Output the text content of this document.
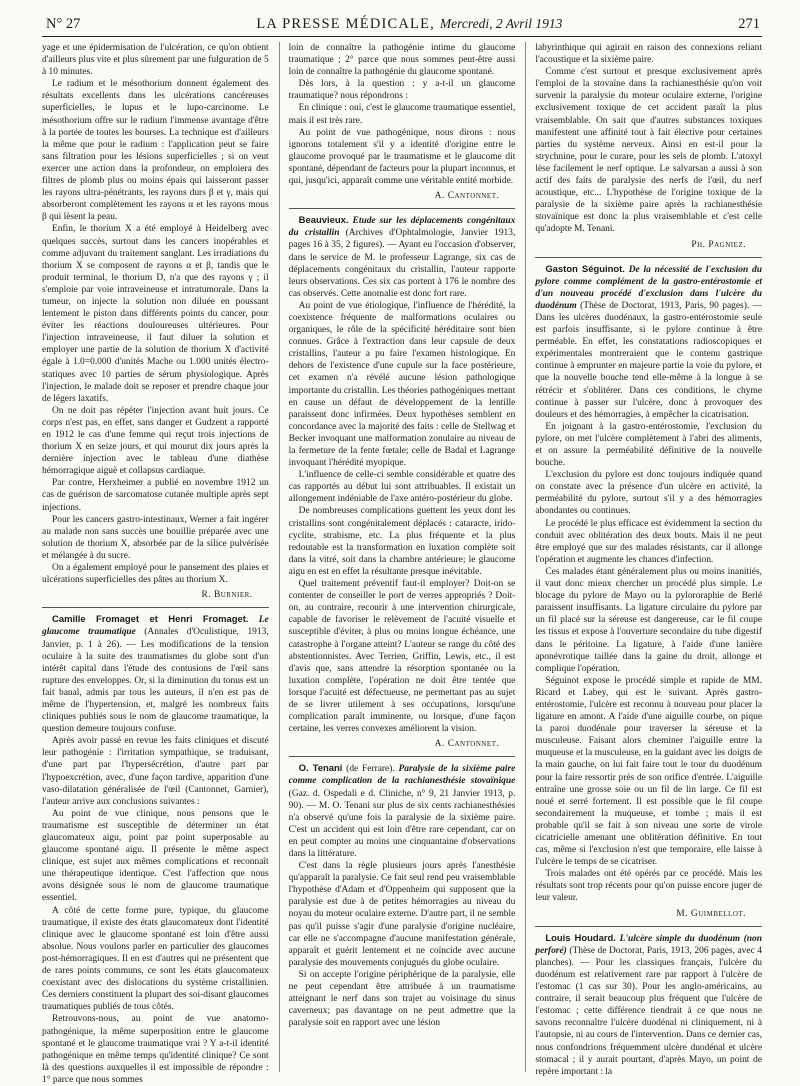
N° 27	LA PRESSE MÉDICALE, Mercredi, 2 Avril 1913	271

yage et une épidermisation de l'ulcération, ce qu'on obtient d'ailleurs plus vite et plus sûrement par une fulguration de 5 à 10 minutes.

Le radium et le mésothorium donnent également des résultats excellents dans les ulcérations cancéreuses superficielles, le lupus et le lupo-carcinome. Le mésothorium offre sur le radium l'immense avantage d'être à la portée de toutes les bourses. La technique est d'ailleurs la même que pour le radium : l'application peut se faire sans filtration pour les lésions superficielles ; si on veut exercer une action dans la profondeur, on emploiera des filtres de plomb plus ou moins épais qui laisseront passer les rayons ultra-pénétrants, les rayons durs β et γ, mais qui absorberont complètement les rayons α et les rayons mous β qui lèsent la peau.

Enfin, le thorium X a été employé à Heidelberg avec quelques succès, surtout dans les cancers inopérables et comme adjuvant du traitement sanglant. Les irradiations du thorium X se composent de rayons α et β, tandis que le produit terminal, le thorium D, n'a que des rayons γ ; il s'emploie par voie intraveineuse et intratumorale. Dans la tumeur, on injecte la solution non diluée en poussant lentement le piston dans différents points du cancer, pour éviter les réactions douloureuses ultérieures. Pour l'injection intraveineuse, il faut diluer la solution et employer une partie de la solution de thorium X d'activité égale à 1.0=0.000 d'unités Mache ou 1.000 unités électro-statiques avec 10 parties de sérum physiologique. Après l'injection, le malade doit se reposer et prendre chaque jour de légers laxatifs.

On ne doit pas répéter l'injection avant huit jours. Ce corps n'est pas, en effet, sans danger et Gudzent a rapporté en 1912 le cas d'une femme qui reçut trois injections de thorium X en seize jours, et qui mourut dix jours après la dernière injection avec le tableau d'une diathèse hémorragique aiguë et collapsus cardiaque.

Par contre, Herxheimer a publié en novembre 1912 un cas de guérison de sarcomatose cutanée multiple après sept injections.

Pour les cancers gastro-intestinaux, Werner a fait ingérer au malade non sans succès une bouillie préparée avec une solution de thorium X, absorbée par de la silice pulvérisée et mélangée à du sucre.

On a également employé pour le pansement des plaies et ulcérations superficielles des pâtes au thorium X.

R. Burnier.

Camille Fromaget et Henri Fromaget. Le glaucome traumatique (Annales d'Oculistique, 1913, Janvier, p. 1 à 26). — Les modifications de la tension oculaire à la suite des traumatismes du globe sont d'un intérêt capital dans l'étude des contusions de l'œil sans rupture des enveloppes. Or, si la diminution du tonus est un fait banal, admis par tous les auteurs, il n'en est pas de même de l'hypertension, et, malgré les nombreux faits cliniques publiés sous le nom de glaucome traumatique, la question demeure toujours confuse.

Après avoir passé en revue les faits cliniques et discuté leur pathogénie : l'irritation sympathique, se traduisant, d'une part par l'hypersécrétion, d'autre part par l'hypoexcrétion, avec, d'une façon tardive, apparition d'une vaso-dilatation généralisée de l'œil (Cantonnet, Garnier), l'auteur arrive aux conclusions suivantes :

Au point de vue clinique, nous pensons que le traumatisme est susceptible de déterminer un état glaucomateux aigu, point par point superposable au glaucome spontané aigu. Il présente le même aspect clinique, est sujet aux mêmes complications et reconnaît une thérapeutique identique. C'est l'affection que nous avons désignée sous le nom de glaucome traumatique essentiel.

A côté de cette forme pure, typique, du glaucome traumatique, il existe des états glaucomateux dont l'identité clinique avec le glaucome spontané est loin d'être aussi absolue. Nous voulons parler en particulier des glaucomes post-hémorragiques. Il en est d'autres qui ne présentent que de rares points communs, ce sont les états glaucomateux coexistant avec des dislocations du système cristallinien. Ces derniers constituent la plupart des soi-disant glaucomes traumatiques publiés de tous côtés.

Retrouvons-nous, au point de vue anatomo-pathogénique, la même superposition entre le glaucome spontané et le glaucome traumatique vrai ? Y a-t-il identité pathogénique en même temps qu'identité clinique? Ce sont là des questions auxquelles il est impossible de répondre : 1° parce que nous sommes

loin de connaître la pathogénie intime du glaucome traumatique ; 2° parce que nous sommes peut-être aussi loin de connaître la pathogénie du glaucome spontané.

Dès lors, à la question : y a-t-il un glaucome traumatique? nous répondrons :

En clinique : oui, c'est le glaucome traumatique essentiel, mais il est très rare.

Au point de vue pathogénique, nous dirons : nous ignorons totalement s'il y a identité d'origine entre le glaucome provoqué par le traumatisme et le glaucome dit spontané, dépendant de facteurs pour la plupart inconnus, et qui, jusqu'ici, apparaît comme une véritable entité morbide.

A. Cantonnet.

Beauvieux. Etude sur les déplacements congénitaux du cristallin (Archives d'Ophtalmologie, Janvier 1913, pages 16 à 35, 2 figures). — Ayant eu l'occasion d'observer, dans le service de M. le professeur Lagrange, six cas de déplacements congénitaux du cristallin, l'auteur rapporte leurs observations. Ces six cas portent à 176 le nombre des cas observés. Cette anomalie est donc fort rare.

Au point de vue étiologique, l'influence de l'hérédité, la coexistence fréquente de malformations oculaires ou organiques, le rôle de la spécificité héréditaire sont bien connues. Grâce à l'extraction dans leur capsule de deux cristallins, l'auteur a pu faire l'examen histologique. En dehors de l'existence d'une cupule sur la face postérieure, cet examen n'a révélé aucune lésion pathologique importante du cristallin. Les théories pathogéniques mettant en cause un défaut de développement de la lentille paraissent donc infirmées. Deux hypothèses semblent en concordance avec la majorité des faits : celle de Stellwag et Becker invoquant une malformation zonulaire au niveau de la fermeture de la fente fœtale; celle de Badal et Lagrange invoquant l'hérédité myopique.

L'influence de celle-ci semble considérable et quatre des cas rapportés au début lui sont attribuables. Il existait un allongement indéniable de l'axe antéro-postérieur du globe.

De nombreuses complications guettent les yeux dont les cristallins sont congénitalement déplacés : cataracte, irido-cyclite, strabisme, etc. La plus fréquente et la plus redoutable est la transformation en luxation complète soit dans la vitré, soit dans la chambre antérieure; le glaucome aigu en est en effet la résultante presque inévitable.

Quel traitement préventif faut-il employer? Doit-on se contenter de conseiller le port de verres appropriés ? Doit-on, au contraire, recourir à une intervention chirurgicale, capable de favoriser le relèvement de l'acuité visuelle et susceptible d'éviter, à plus ou moins longue échéance, une catastrophe à l'organe atteint? L'auteur se range du côté des abstentionnistes. Avec Terrien, Griffin, Lewis, etc., il est d'avis que, sans attendre la résorption spontanée ou la luxation complète, l'opération ne doit être tentée que lorsque l'acuité est défectueuse, ne permettant pas au sujet de se livrer utilement à ses occupations, lorsqu'une complication paraît imminente, ou lorsque, d'une façon certaine, les verres convexes améliorent la vision.

A. Cantonnet.

O. Tenani (de Ferrare). Paralysie de la sixième paire comme complication de la rachianesthésie stovaïnique (Gaz. d. Ospedali e d. Cliniche, n° 9, 21 Janvier 1913, p. 90). — M. O. Tenani sur plus de six cents rachianesthésies n'a observé qu'une fois la paralysie de la sixième paire. C'est un accident qui est loin d'être rare cependant, car on en peut compter au moins une cinquantaine d'observations dans la littérature.

C'est dans la règle plusieurs jours après l'anesthésie qu'apparaît la paralysie. Ce fait seul rend peu vraisemblable l'hypothèse d'Adam et d'Oppenheim qui supposent que la paralysie est due à de petites hémorragies au niveau du noyau du moteur oculaire externe. D'autre part, il ne semble pas qu'il puisse s'agir d'une paralysie d'origine nucléaire, car elle ne s'accompagne d'aucune manifestation générale, apparaît et guérit lentement et ne coïncide avec aucune paralysie des mouvements conjugués du globe oculaire.

Si on accepte l'origine périphérique de la paralysie, elle ne peut cependant être attribuée à un traumatisme atteignant le nerf dans son trajet au voisinage du sinus caverneux; pas davantage on ne peut admettre que la paralysie soit en rapport avec une lésion

labyrinthique qui agirait en raison des connexions reliant l'acoustique et la sixième paire.

Comme c'est surtout et presque exclusivement après l'emploi de la stovaïne dans la rachianesthésie qu'on voit survenir la paralysie du moteur oculaire externe, l'origine exclusivement toxique de cet accident paraît la plus vraisemblable. On sait que d'autres substances toxiques manifestent une affinité tout à fait élective pour certaines parties du système nerveux. Ainsi en est-il pour la strychnine, pour le curare, pour les sels de plomb. L'atoxyl lèse facilement le nerf optique. Le salvarsan a aussi à son actif des faits de paralysie des nerfs de l'œil, du nerf acoustique, etc... L'hypothèse de l'origine toxique de la paralysie de la sixième paire après la rachianesthésie stovaïnique est donc la plus vraisemblable et c'est celle qu'adopte M. Tenani.

Ph. Pagniez.

Gaston Séguinot. De la nécessité de l'exclusion du pylore comme complément de la gastro-entérostomie et d'un nouveau procédé d'exclusion dans l'ulcère du duodénum (Thèse de Doctorat, 1913, Paris, 90 pages). — Dans les ulcères duodénaux, la gastro-entérostomie seule est parfois insuffisante, si le pylore continue à être perméable. En effet, les constatations radioscopiques et expérimentales montreraient que le contenu gastrique continue à emprunter en majeure partie la voie du pylore, et que la nouvelle bouche tend elle-même à la longue à se rétrécir et s'oblitérer. Dans ces conditions, le chyme continue à passer sur l'ulcère, donc à provoquer des douleurs et des hémorragies, à empêcher la cicatrisation.

En joignant à la gastro-entérostomie, l'exclusion du pylore, on met l'ulcère complètement à l'abri des aliments, et on assure la perméabilité définitive de la nouvelle bouche.

L'exclusion du pylore est donc toujours indiquée quand on constate avec la présence d'un ulcère en activité, la perméabilité du pylore, surtout s'il y a des hémorragies abondantes ou continues.

Le procédé le plus efficace est évidemment la section du conduit avec oblitération des deux bouts. Mais il ne peut être employé que sur des malades résistants, car il allonge l'opération et augmente les chances d'infection.

Ces malades étant généralement plus ou moins inanitiés, il vaut donc mieux chercher un procédé plus simple. Le blocage du pylore de Mayo ou la pylororaphie de Berlé paraissent insuffisants. La ligature circulaire du pylore par un fil placé sur la séreuse est dangereuse, car le fil coupe les tissus et expose à l'ouverture secondaire du tube digestif dans le péritoine. La ligature, à l'aide d'une lanière aponévrotique taillée dans la gaine du droit, allonge et complique l'opération.

Séguinot expose le procédé simple et rapide de MM. Ricard et Labey, qui est le suivant. Après gastro-entérostomie, l'ulcère est reconnu à nouveau pour placer la ligature en amont. A l'aide d'une aiguille courbe, on pique la paroi duodénale pour traverser la séreuse et la musculeuse. Faisant alors cheminer l'aiguille entre la muqueuse et la musculeuse, en la guidant avec les doigts de la main gauche, on lui fait faire tout le tour du duodénum pour la faire ressortir près de son orifice d'entrée. L'aiguille entraîne une grosse soie ou un fil de lin large. Ce fil est noué et serré fortement. Il est possible que le fil coupe secondairement la muqueuse, et tombe ; mais il est probable qu'il se fait à son niveau une sorte de virole cicatricielle amenant une oblitération définitive. En tout cas, même si l'exclusion n'est que temporaire, elle laisse à l'ulcère le temps de se cicatriser.

Trois malades ont été opérés par ce procédé. Mais les résultats sont trop récents pour qu'on puisse encore juger de leur valeur.

M. Guimbellot.

Louis Houdard. L'ulcère simple du duodénum (non perforé) (Thèse de Doctorat, Paris, 1913, 206 pages, avec 4 planches). — Pour les classiques français, l'ulcère du duodénum est relativement rare par rapport à l'ulcère de l'estomac (1 cas sur 30). Pour les anglo-américains, au contraire, il serait beaucoup plus fréquent que l'ulcère de l'estomac ; cette différence tiendrait à ce que nous ne savons reconnaître l'ulcère duodénal ni cliniquement, ni à l'autopsie, ni au cours de l'intervention. Dans ce dernier cas, nous confondrions fréquemment ulcère duodénal et ulcère stomacal ; il y aurait pourtant, d'après Mayo, un point de repère important : la
